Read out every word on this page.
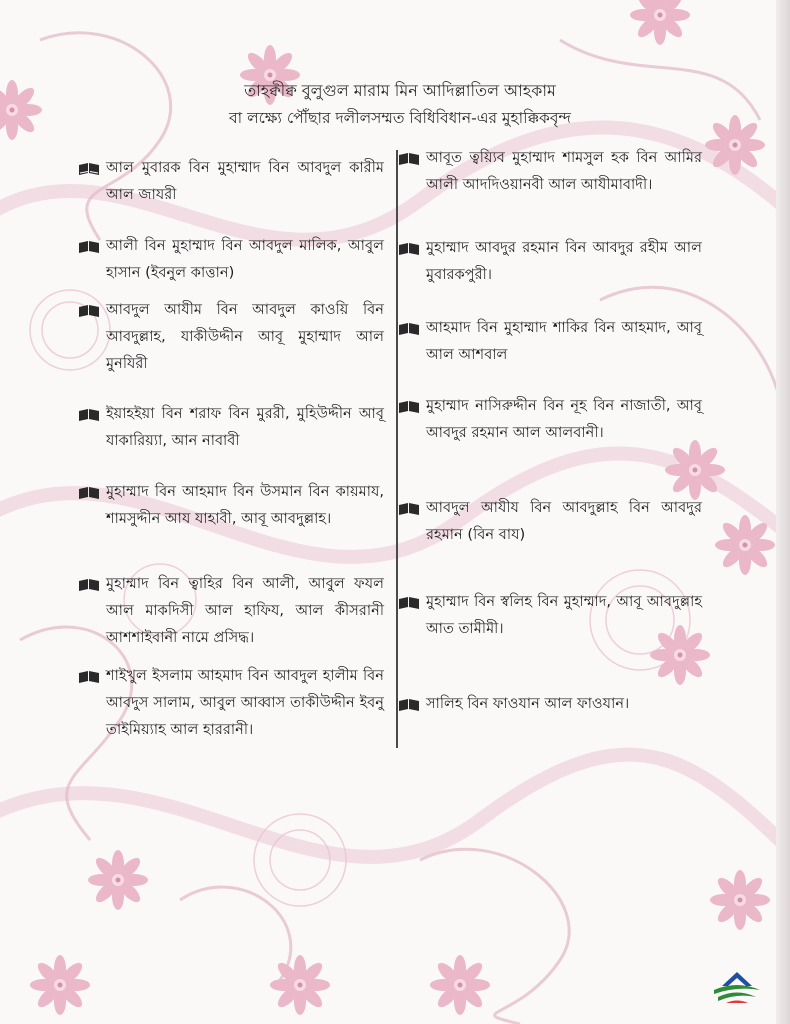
তাহক্বীক্ব বুলুগুল মারাম মিন আদিল্লাতিল আহকাম
বা লক্ষ্যে পৌঁছার দলীলসম্মত বিধিবিধান-এর মুহাক্কিকবৃন্দ
আল মুবারক বিন মুহাম্মাদ বিন আবদুল কারীম আল জাযরী
আলী বিন মুহাম্মাদ বিন আবদুল মালিক, আবুল হাসান (ইবনুল কাত্তান)
আবদুল আযীম বিন আবদুল কাওয়ি বিন আবদুল্লাহ, যাকীউদ্দীন আবূ মুহাম্মাদ আল মুনযিরী
ইয়াহইয়া বিন শরাফ বিন মুররী, মুহিউদ্দীন আবূ যাকারিয়্যা, আন নাবাবী
মুহাম্মাদ বিন আহমাদ বিন উসমান বিন কায়মায, শামসুদ্দীন আয যাহাবী, আবূ আবদুল্লাহ।
মুহাম্মাদ বিন ত্বাহির বিন আলী, আবুল ফযল আল মাকদিসী আল হাফিয, আল কীসরানী আশশাইবানী নামে প্রসিদ্ধ।
শাইখুল ইসলাম আহমাদ বিন আবদুল হালীম বিন আবদুস সালাম, আবুল আব্বাস তাকীউদ্দীন ইবনু তাইমিয়্যাহ আল হাররানী।
আবূত ত্বয়্যিব মুহাম্মাদ শামসুল হক বিন আমির আলী আদদিওয়ানবী আল আযীমাবাদী।
মুহাম্মাদ আবদুর রহমান বিন আবদুর রহীম আল মুবারকপুরী।
আহমাদ বিন মুহাম্মাদ শাকির বিন আহমাদ, আবূ আল আশবাল
মুহাম্মাদ নাসিরুদ্দীন বিন নূহ বিন নাজাতী, আবূ আবদুর রহমান আল আলবানী।
আবদুল আযীয বিন আবদুল্লাহ বিন আবদুর রহমান (বিন বায)
মুহাম্মাদ বিন স্বলিহ বিন মুহাম্মাদ, আবূ আবদুল্লাহ আত তামীমী।
সালিহ বিন ফাওযান আল ফাওযান।
